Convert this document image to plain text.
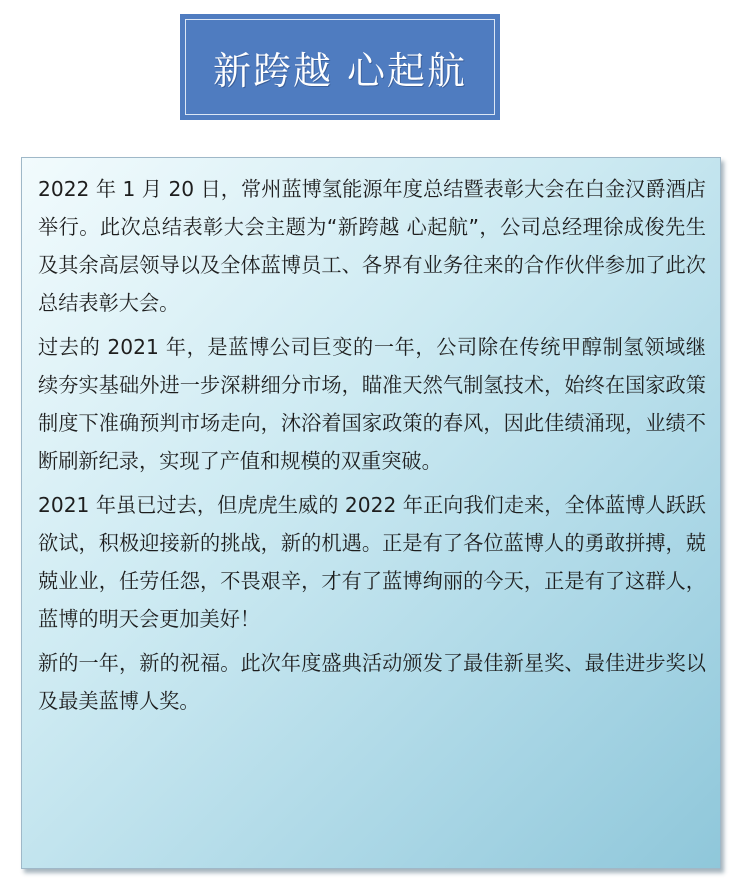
新跨越 心起航

2022 年 1 月 20 日，常州蓝博氢能源年度总结暨表彰大会在白金汉爵酒店举行。此次总结表彰大会主题为“新跨越 心起航”，公司总经理徐成俊先生及其余高层领导以及全体蓝博员工、各界有业务往来的合作伙伴参加了此次总结表彰大会。

过去的 2021 年，是蓝博公司巨变的一年，公司除在传统甲醇制氢领域继续夯实基础外进一步深耕细分市场，瞄准天然气制氢技术，始终在国家政策制度下准确预判市场走向，沐浴着国家政策的春风，因此佳绩涌现，业绩不断刷新纪录，实现了产值和规模的双重突破。

2021 年虽已过去，但虎虎生威的 2022 年正向我们走来，全体蓝博人跃跃欲试，积极迎接新的挑战，新的机遇。正是有了各位蓝博人的勇敢拼搏，兢兢业业，任劳任怨，不畏艰辛，才有了蓝博绚丽的今天，正是有了这群人，蓝博的明天会更加美好！

新的一年，新的祝福。此次年度盛典活动颁发了最佳新星奖、最佳进步奖以及最美蓝博人奖。
